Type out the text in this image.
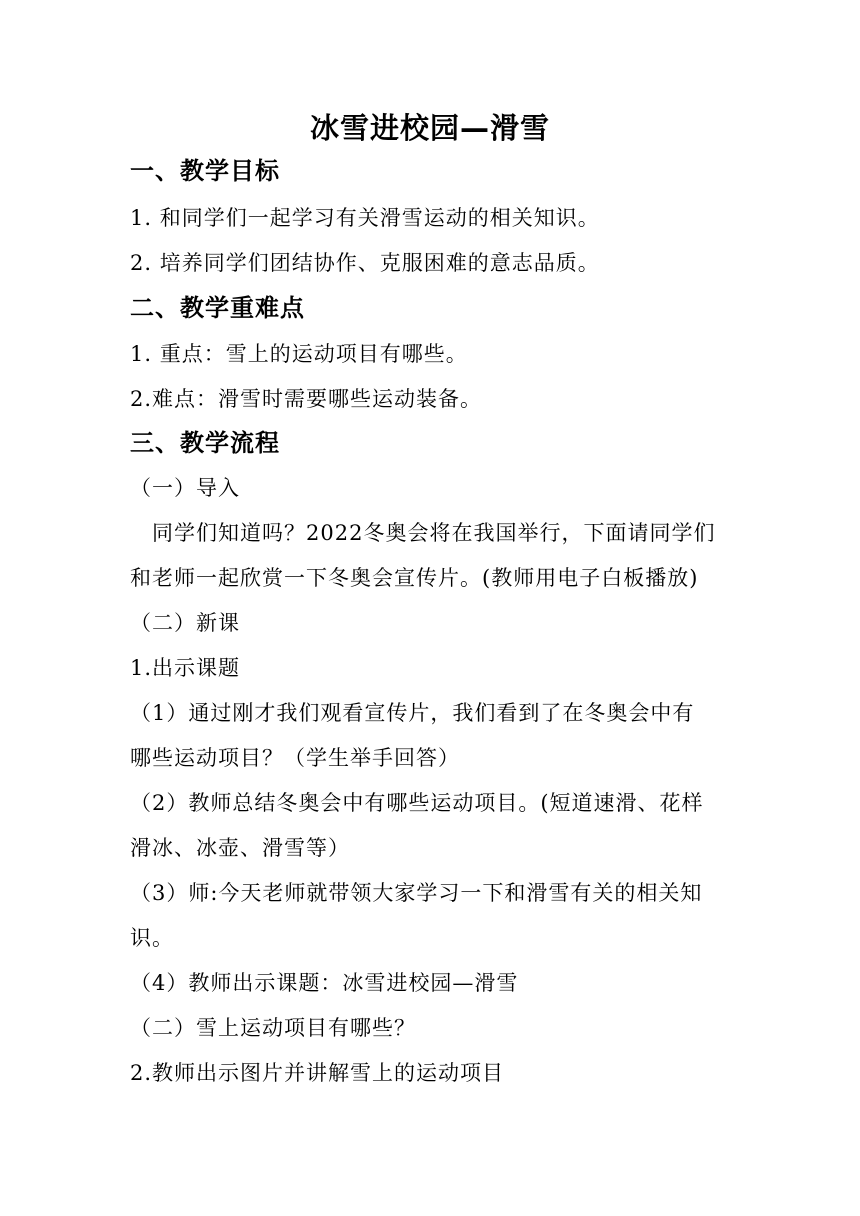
冰雪进校园—滑雪
一、教学目标
1. 和同学们一起学习有关滑雪运动的相关知识。
2. 培养同学们团结协作、克服困难的意志品质。
二、教学重难点
1. 重点：雪上的运动项目有哪些。
2.难点：滑雪时需要哪些运动装备。
三、教学流程
（一）导入
同学们知道吗？2022冬奥会将在我国举行，下面请同学们
和老师一起欣赏一下冬奥会宣传片。(教师用电子白板播放)
（二）新课
1.出示课题
（1）通过刚才我们观看宣传片，我们看到了在冬奥会中有
哪些运动项目？（学生举手回答）
（2）教师总结冬奥会中有哪些运动项目。(短道速滑、花样
滑冰、冰壶、滑雪等）
（3）师:今天老师就带领大家学习一下和滑雪有关的相关知
识。
（4）教师出示课题：冰雪进校园—滑雪
（二）雪上运动项目有哪些？
2.教师出示图片并讲解雪上的运动项目
